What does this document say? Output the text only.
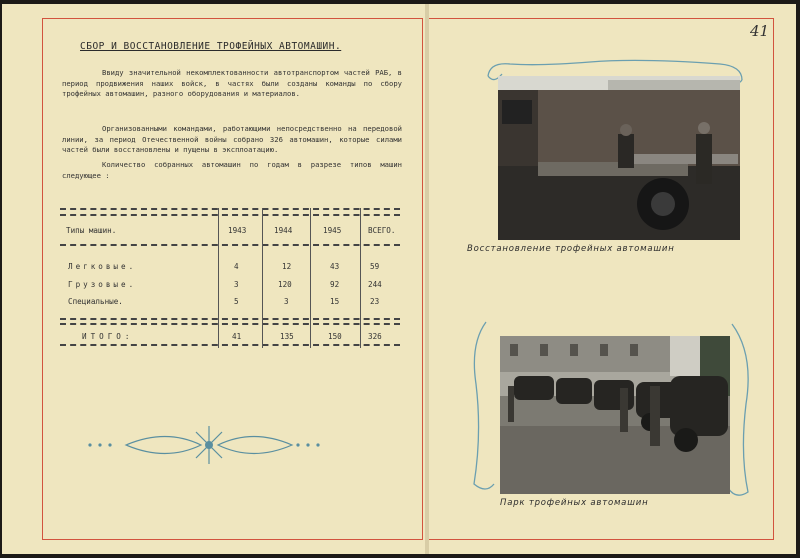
41
СБОР И ВОССТАНОВЛЕНИЕ ТРОФЕЙНЫХ АВТОМАШИН.

Ввиду значительной некомплектованности автотранспортом частей РАБ, в период продвижения наших войск, в частях были созданы команды по сбору трофейных автомашин, разного оборудования и материалов.

Организованными командами, работающими непосредственно на передовой линии, за период Отечественной войны собрано 326 автомашин, которые силами частей были восстановлены и пущены в эксплоатацию.

Количество собранных автомашин по годам в разрезе типов машин следующее :

Типы машин.	1943	1944	1945	ВСЕГО.
Легковые.	4	12	43	59
Грузовые.	3	120	92	244
Специальные.	5	3	15	23
ИТОГО:	41	135	150	326
Восстановление трофейных автомашин
Парк трофейных автомашин
